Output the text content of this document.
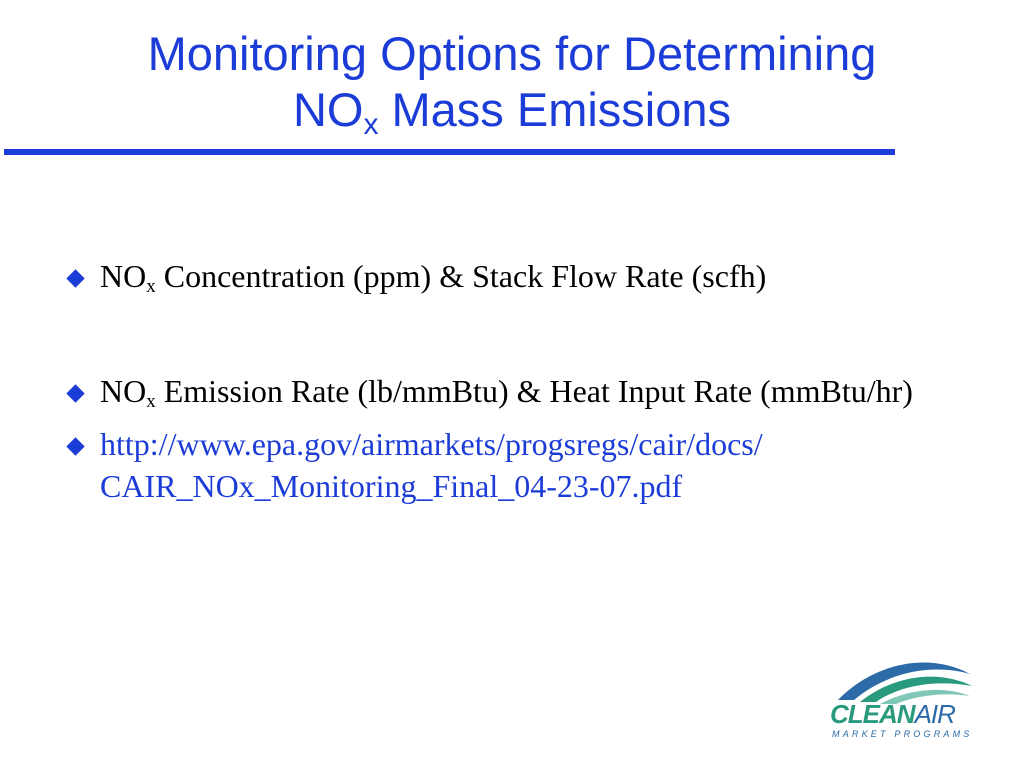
Monitoring Options for Determining
$NO_x$ Mass Emissions
$NO_x$ Concentration (ppm) & Stack Flow Rate (scfh)
$NO_x$ Emission Rate (lb/mmBtu) & Heat Input Rate (mmBtu/hr)
http://www.epa.gov/airmarkets/progsregs/cair/docs/
CAIR_NOx_Monitoring_Final_04-23-07.pdf
CLEANAIR
MARKET PROGRAMS
